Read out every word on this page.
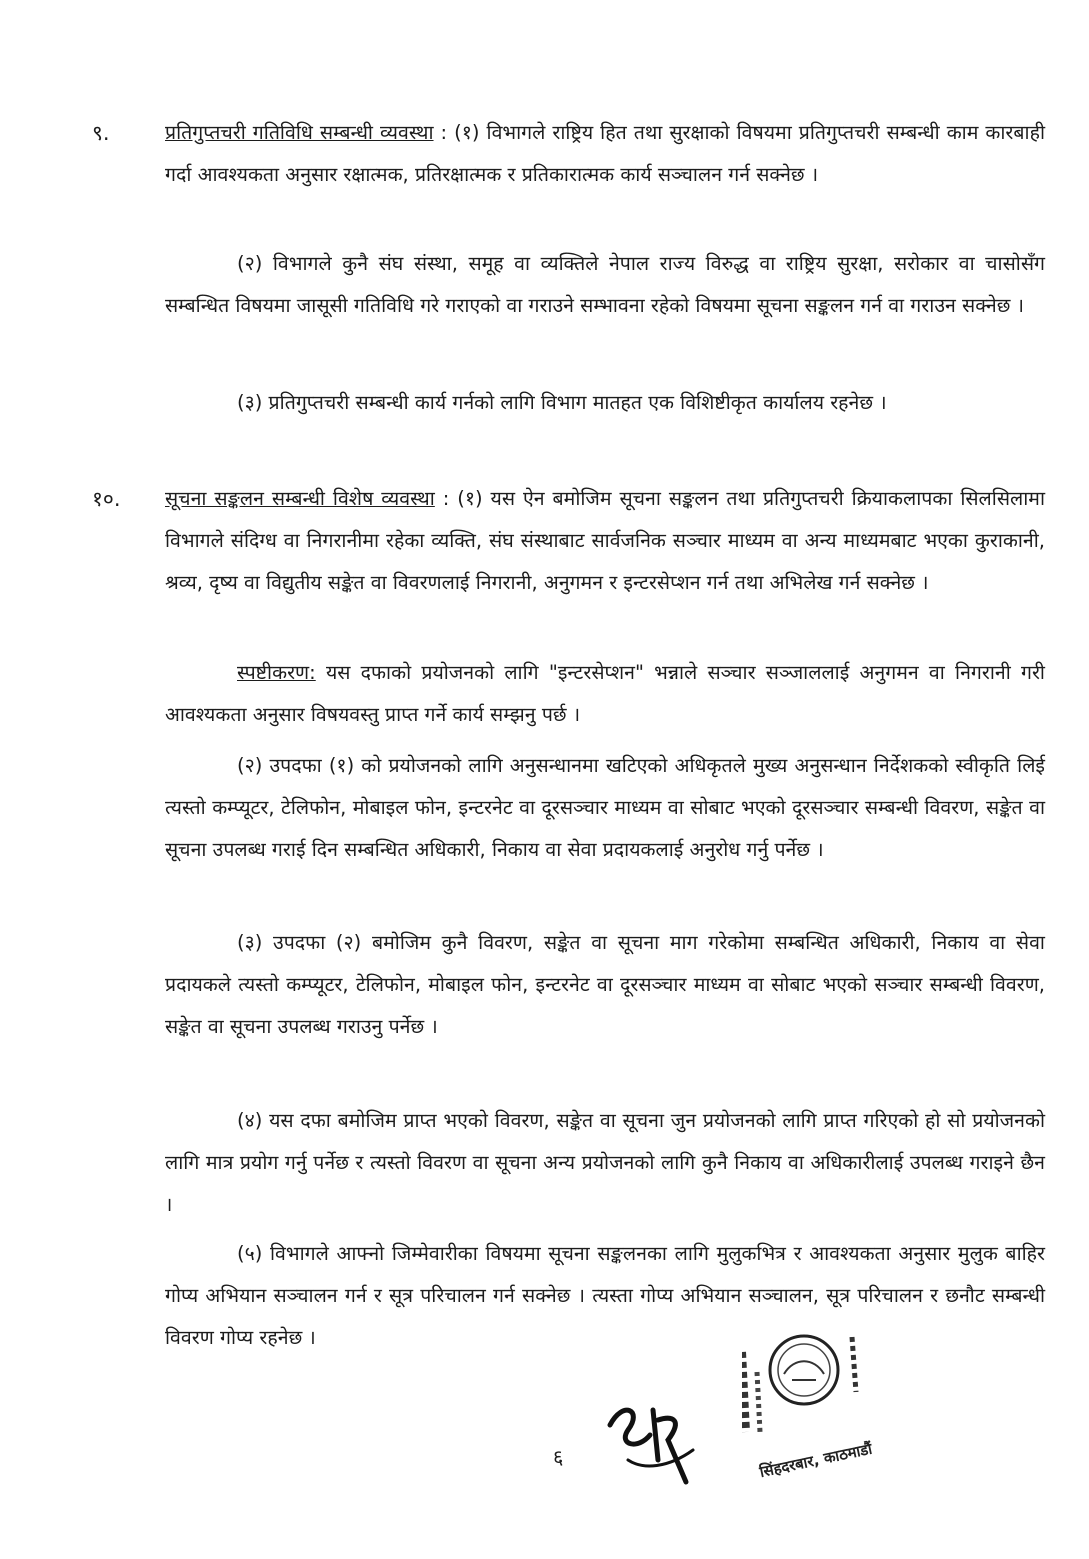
९.	प्रतिगुप्तचरी गतिविधि सम्बन्धी व्यवस्था : (१) विभागले राष्ट्रिय हित तथा सुरक्षाको विषयमा प्रतिगुप्तचरी सम्बन्धी काम कारबाही गर्दा आवश्यकता अनुसार रक्षात्मक, प्रतिरक्षात्मक र प्रतिकारात्मक कार्य सञ्चालन गर्न सक्नेछ ।

(२) विभागले कुनै संघ संस्था, समूह वा व्यक्तिले नेपाल राज्य विरुद्ध वा राष्ट्रिय सुरक्षा, सरोकार वा चासोसँग सम्बन्धित विषयमा जासूसी गतिविधि गरे गराएको वा गराउने सम्भावना रहेको विषयमा सूचना सङ्कलन गर्न वा गराउन सक्नेछ ।

(३) प्रतिगुप्तचरी सम्बन्धी कार्य गर्नको लागि विभाग मातहत एक विशिष्टीकृत कार्यालय रहनेछ ।

१०. सूचना सङ्कलन सम्बन्धी विशेष व्यवस्था : (१) यस ऐन बमोजिम सूचना सङ्कलन तथा प्रतिगुप्तचरी क्रियाकलापका सिलसिलामा विभागले संदिग्ध वा निगरानीमा रहेका व्यक्ति, संघ संस्थाबाट सार्वजनिक सञ्चार माध्यम वा अन्य माध्यमबाट भएका कुराकानी, श्रव्य, दृष्य वा विद्युतीय सङ्केत वा विवरणलाई निगरानी, अनुगमन र इन्टरसेप्शन गर्न तथा अभिलेख गर्न सक्नेछ ।

स्पष्टीकरण: यस दफाको प्रयोजनको लागि "इन्टरसेप्शन" भन्नाले सञ्चार सञ्जाललाई अनुगमन वा निगरानी गरी आवश्यकता अनुसार विषयवस्तु प्राप्त गर्ने कार्य सम्झनु पर्छ ।

(२) उपदफा (१) को प्रयोजनको लागि अनुसन्धानमा खटिएको अधिकृतले मुख्य अनुसन्धान निर्देशकको स्वीकृति लिई त्यस्तो कम्प्यूटर, टेलिफोन, मोबाइल फोन, इन्टरनेट वा दूरसञ्चार माध्यम वा सोबाट भएको दूरसञ्चार सम्बन्धी विवरण, सङ्केत वा सूचना उपलब्ध गराई दिन सम्बन्धित अधिकारी, निकाय वा सेवा प्रदायकलाई अनुरोध गर्नु पर्नेछ ।

(३) उपदफा (२) बमोजिम कुनै विवरण, सङ्केत वा सूचना माग गरेकोमा सम्बन्धित अधिकारी, निकाय वा सेवा प्रदायकले त्यस्तो कम्प्यूटर, टेलिफोन, मोबाइल फोन, इन्टरनेट वा दूरसञ्चार माध्यम वा सोबाट भएको सञ्चार सम्बन्धी विवरण, सङ्केत वा सूचना उपलब्ध गराउनु पर्नेछ ।

(४) यस दफा बमोजिम प्राप्त भएको विवरण, सङ्केत वा सूचना जुन प्रयोजनको लागि प्राप्त गरिएको हो सो प्रयोजनको लागि मात्र प्रयोग गर्नु पर्नेछ र त्यस्तो विवरण वा सूचना अन्य प्रयोजनको लागि कुनै निकाय वा अधिकारीलाई उपलब्ध गराइने छैन ।

(५) विभागले आफ्नो जिम्मेवारीका विषयमा सूचना सङ्कलनका लागि मुलुकभित्र र आवश्यकता अनुसार मुलुक बाहिर गोप्य अभियान सञ्चालन गर्न र सूत्र परिचालन गर्न सक्नेछ । त्यस्ता गोप्य अभियान सञ्चालन, सूत्र परिचालन र छनौट सम्बन्धी विवरण गोप्य रहनेछ ।

६	सिंहदरबार, काठमाडौं
